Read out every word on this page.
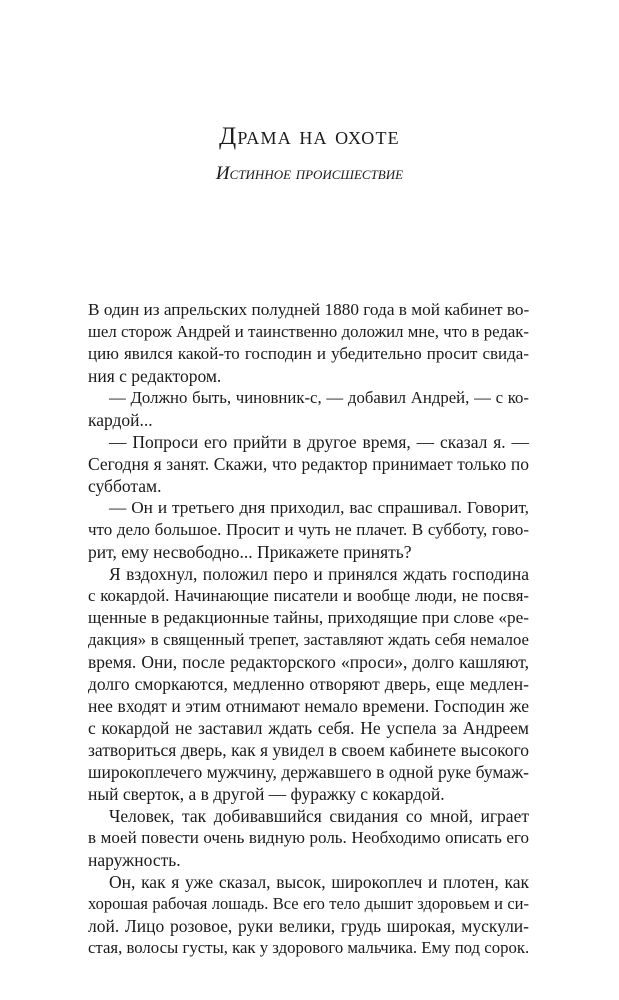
Драма на охоте
Истинное происшествие
В один из апрельских полудней 1880 года в мой кабинет во-
шел сторож Андрей и таинственно доложил мне, что в редак-
цию явился какой-то господин и убедительно просит свида-
ния с редактором.
— Должно быть, чиновник-с, — добавил Андрей, — с ко-
кардой...
— Попроси его прийти в другое время, — сказал я. —
Сегодня я занят. Скажи, что редактор принимает только по
субботам.
— Он и третьего дня приходил, вас спрашивал. Говорит,
что дело большое. Просит и чуть не плачет. В субботу, гово-
рит, ему несвободно... Прикажете принять?
Я вздохнул, положил перо и принялся ждать господина
с кокардой. Начинающие писатели и вообще люди, не посвя-
щенные в редакционные тайны, приходящие при слове «ре-
дакция» в священный трепет, заставляют ждать себя немалое
время. Они, после редакторского «проси», долго кашляют,
долго сморкаются, медленно отворяют дверь, еще медлен-
нее входят и этим отнимают немало времени. Господин же
с кокардой не заставил ждать себя. Не успела за Андреем
затвориться дверь, как я увидел в своем кабинете высокого
широкоплечего мужчину, державшего в одной руке бумаж-
ный сверток, а в другой — фуражку с кокардой.
Человек, так добивавшийся свидания со мной, играет
в моей повести очень видную роль. Необходимо описать его
наружность.
Он, как я уже сказал, высок, широкоплеч и плотен, как
хорошая рабочая лошадь. Все его тело дышит здоровьем и си-
лой. Лицо розовое, руки велики, грудь широкая, мускули-
стая, волосы густы, как у здорового мальчика. Ему под сорок.
